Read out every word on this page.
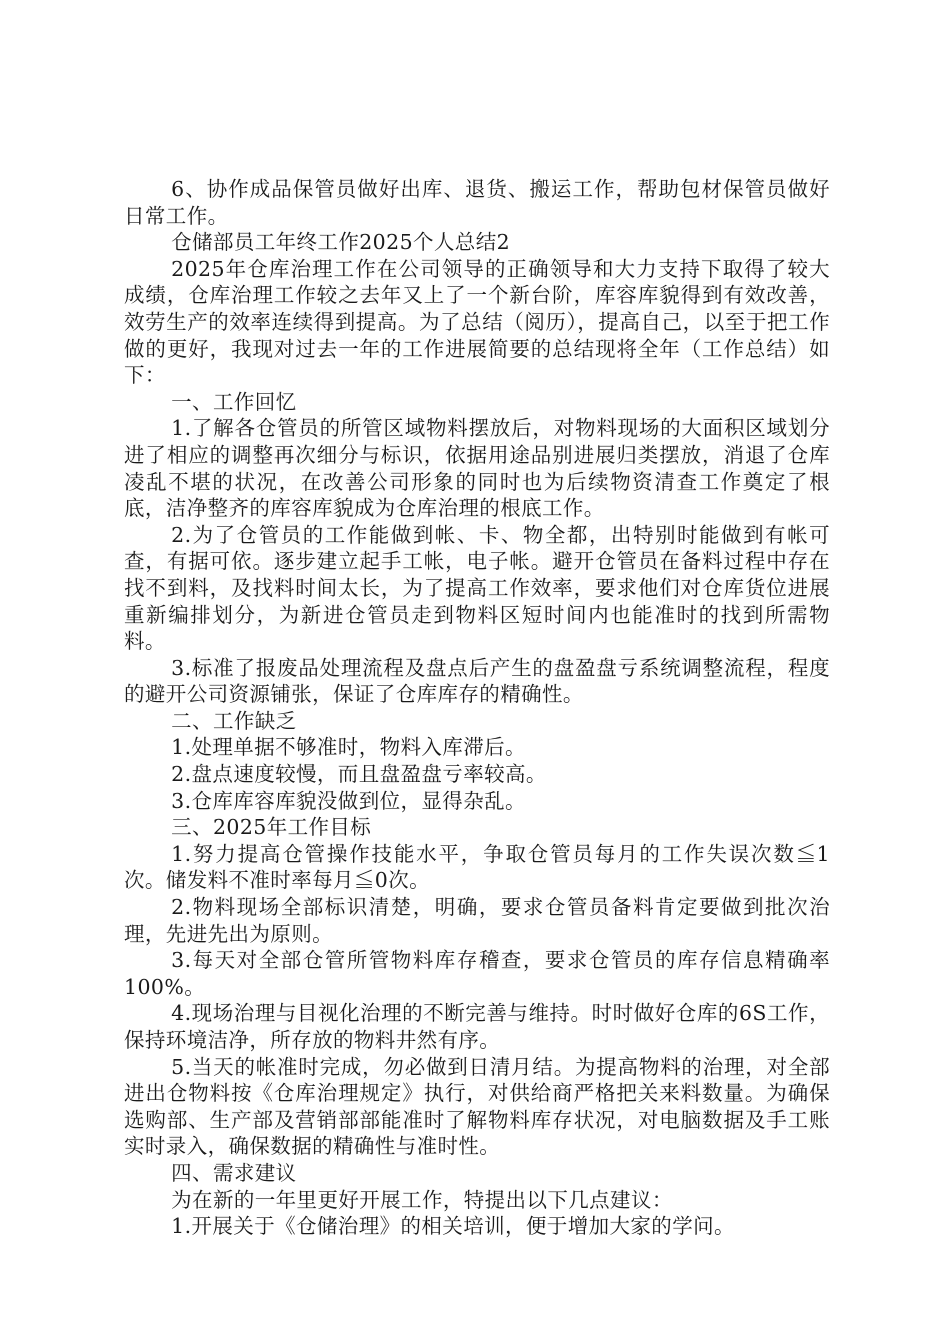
6、协作成品保管员做好出库、退货、搬运工作，帮助包材保管员做好日常工作。

仓储部员工年终工作2025个人总结2

2025年仓库治理工作在公司领导的正确领导和大力支持下取得了较大成绩，仓库治理工作较之去年又上了一个新台阶，库容库貌得到有效改善，效劳生产的效率连续得到提高。为了总结（阅历），提高自己，以至于把工作做的更好，我现对过去一年的工作进展简要的总结现将全年（工作总结）如下：

一、工作回忆

1.了解各仓管员的所管区域物料摆放后，对物料现场的大面积区域划分进了相应的调整再次细分与标识，依据用途品别进展归类摆放，消退了仓库凌乱不堪的状况，在改善公司形象的同时也为后续物资清查工作奠定了根底，洁净整齐的库容库貌成为仓库治理的根底工作。

2.为了仓管员的工作能做到帐、卡、物全都，出特别时能做到有帐可查，有据可依。逐步建立起手工帐，电子帐。避开仓管员在备料过程中存在找不到料，及找料时间太长，为了提高工作效率，要求他们对仓库货位进展重新编排划分，为新进仓管员走到物料区短时间内也能准时的找到所需物料。

3.标准了报废品处理流程及盘点后产生的盘盈盘亏系统调整流程，程度的避开公司资源铺张，保证了仓库库存的精确性。

二、工作缺乏

1.处理单据不够准时，物料入库滞后。

2.盘点速度较慢，而且盘盈盘亏率较高。

3.仓库库容库貌没做到位，显得杂乱。

三、2025年工作目标

1.努力提高仓管操作技能水平，争取仓管员每月的工作失误次数≦1次。储发料不准时率每月≦0次。

2.物料现场全部标识清楚，明确，要求仓管员备料肯定要做到批次治理，先进先出为原则。

3.每天对全部仓管所管物料库存稽查，要求仓管员的库存信息精确率100%。

4.现场治理与目视化治理的不断完善与维持。时时做好仓库的6S工作，保持环境洁净，所存放的物料井然有序。

5.当天的帐准时完成，勿必做到日清月结。为提高物料的治理，对全部进出仓物料按《仓库治理规定》执行，对供给商严格把关来料数量。为确保选购部、生产部及营销部部能准时了解物料库存状况，对电脑数据及手工账实时录入，确保数据的精确性与准时性。

四、需求建议

为在新的一年里更好开展工作，特提出以下几点建议：

1.开展关于《仓储治理》的相关培训，便于增加大家的学问。
